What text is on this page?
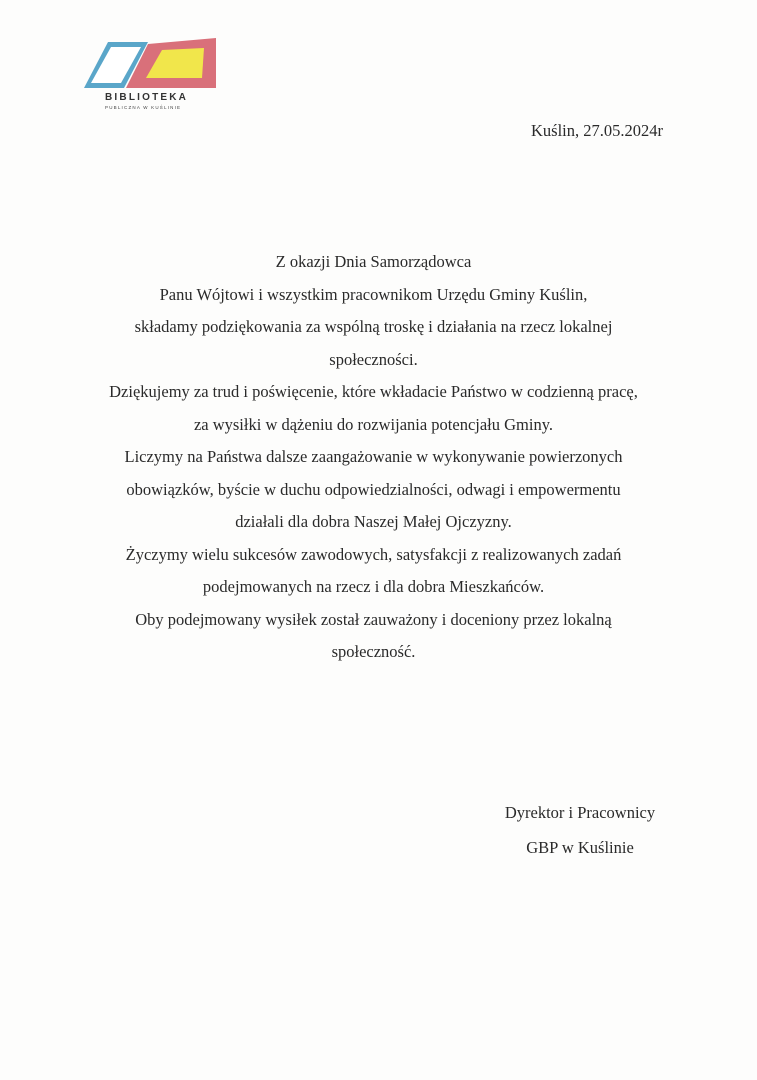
BIBLIOTEKA
PUBLICZNA W KUŚLINIE
Kuślin, 27.05.2024r
Z okazji Dnia Samorządowca
Panu Wójtowi i wszystkim pracownikom Urzędu Gminy Kuślin,
składamy podziękowania za wspólną troskę i działania na rzecz lokalnej
społeczności.
Dziękujemy za trud i poświęcenie, które wkładacie Państwo w codzienną pracę,
za wysiłki w dążeniu do rozwijania potencjału Gminy.
Liczymy na Państwa dalsze zaangażowanie w wykonywanie powierzonych
obowiązków, byście w duchu odpowiedzialności, odwagi i empowermentu
działali dla dobra Naszej Małej Ojczyzny.
Życzymy wielu sukcesów zawodowych, satysfakcji z realizowanych zadań
podejmowanych na rzecz i dla dobra Mieszkańców.
Oby podejmowany wysiłek został zauważony i doceniony przez lokalną
społeczność.
Dyrektor i Pracownicy
GBP w Kuślinie
